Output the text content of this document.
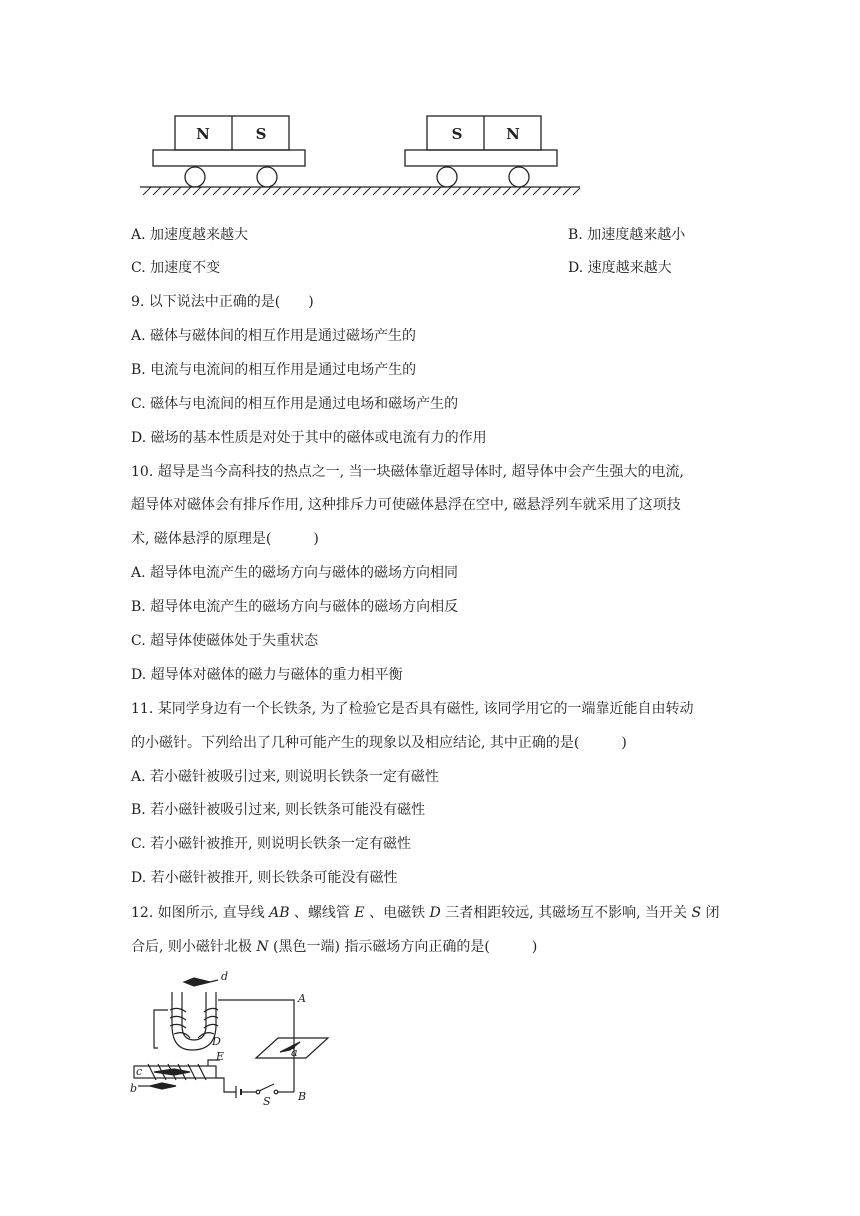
N	S	S	N
A. 加速度越来越大	B. 加速度越来越小
C. 加速度不变	D. 速度越来越大
9. 以下说法中正确的是(　　)
A. 磁体与磁体间的相互作用是通过磁场产生的
B. 电流与电流间的相互作用是通过电场产生的
C. 磁体与电流间的相互作用是通过电场和磁场产生的
D. 磁场的基本性质是对处于其中的磁体或电流有力的作用
10. 超导是当今高科技的热点之一, 当一块磁体靠近超导体时, 超导体中会产生强大的电流,
超导体对磁体会有排斥作用, 这种排斥力可使磁体悬浮在空中, 磁悬浮列车就采用了这项技
术, 磁体悬浮的原理是(　　　)
A. 超导体电流产生的磁场方向与磁体的磁场方向相同
B. 超导体电流产生的磁场方向与磁体的磁场方向相反
C. 超导体使磁体处于失重状态
D. 超导体对磁体的磁力与磁体的重力相平衡
11. 某同学身边有一个长铁条, 为了检验它是否具有磁性, 该同学用它的一端靠近能自由转动
的小磁针。下列给出了几种可能产生的现象以及相应结论, 其中正确的是(　　　)
A. 若小磁针被吸引过来, 则说明长铁条一定有磁性
B. 若小磁针被吸引过来, 则长铁条可能没有磁性
C. 若小磁针被推开, 则说明长铁条一定有磁性
D. 若小磁针被推开, 则长铁条可能没有磁性
12. 如图所示, 直导线 AB 、螺线管 E 、电磁铁 D 三者相距较远, 其磁场互不影响, 当开关 S 闭
合后, 则小磁针北极 N (黑色一端) 指示磁场方向正确的是(　　　)
d
A
D
a
E
c
b
S B
